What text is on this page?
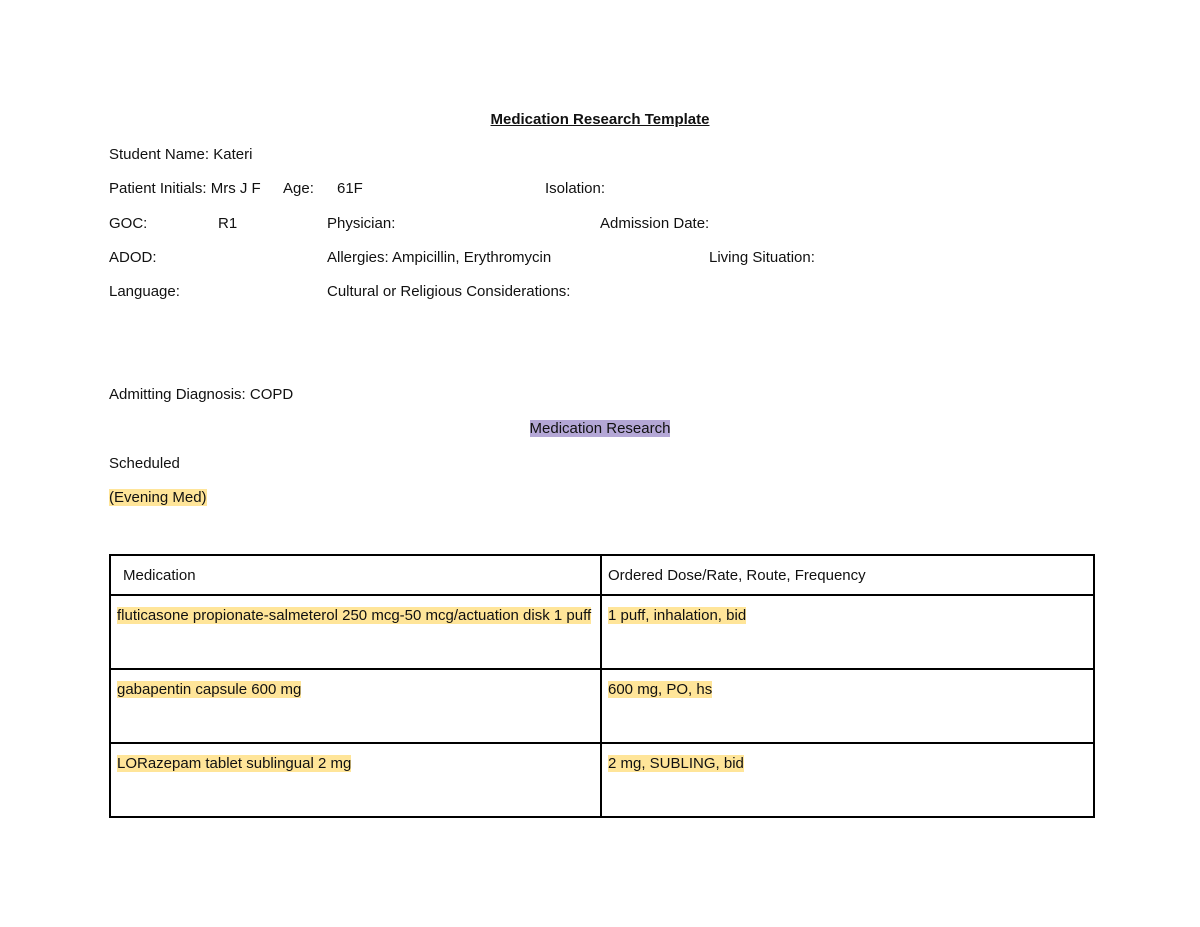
Medication Research Template
Student Name: Kateri
Patient Initials: Mrs J F Age: 61F	Isolation:
GOC:	R1	Physician:	Admission Date:
ADOD:	Allergies: Ampicillin, Erythromycin	Living Situation:
Language:	Cultural or Religious Considerations:
Admitting Diagnosis: COPD
Medication Research
Scheduled
(Evening Med)
Medication	Ordered Dose/Rate, Route, Frequency
fluticasone propionate-salmeterol 250 mcg-50 mcg/actuation disk 1 puff	1 puff, inhalation, bid
gabapentin capsule 600 mg	600 mg, PO, hs
LORazepam tablet sublingual 2 mg	2 mg, SUBLING, bid
